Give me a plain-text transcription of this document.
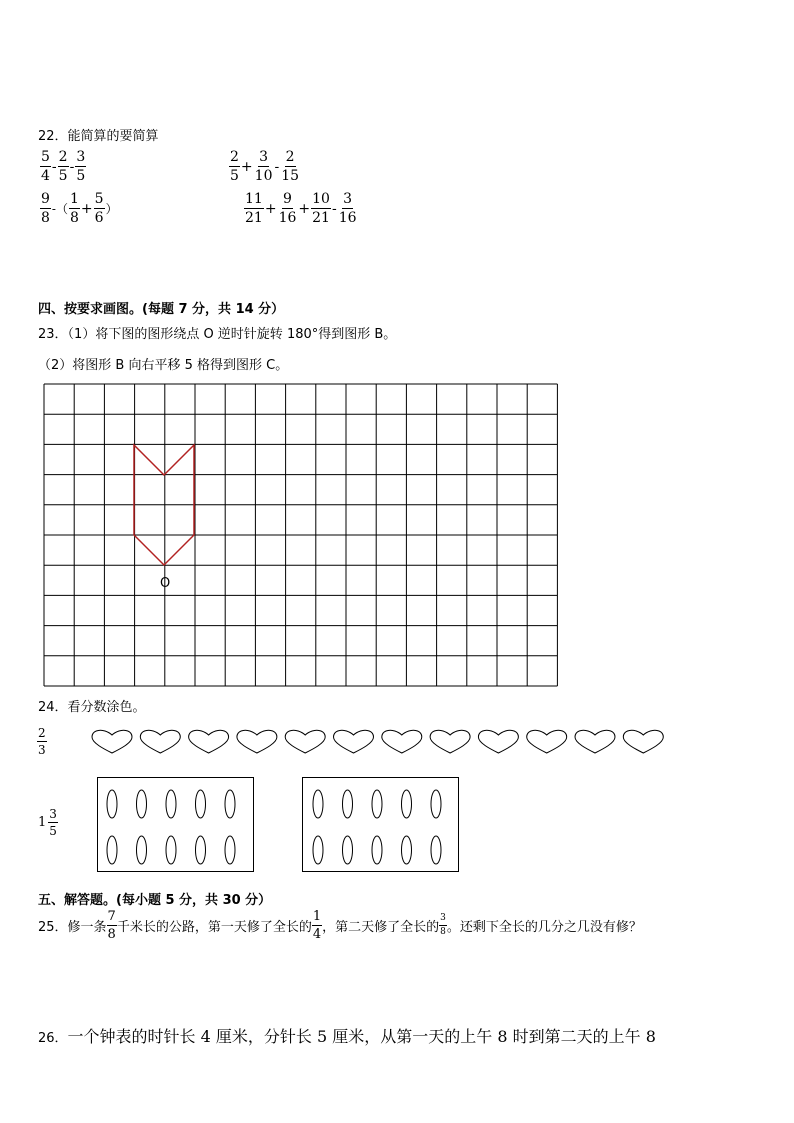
22．能简算的要简算
$\frac{5}{4} - \frac{2}{5} - \frac{3}{5}$	$\frac{2}{5} + \frac{3}{10} - \frac{2}{15}$
$\frac{9}{8}$ -（ $\frac{1}{8} + \frac{5}{6}$ ）	$\frac{11}{21} + \frac{9}{16} + \frac{10}{21} - \frac{3}{16}$
四、按要求画图。(每题 7 分，共 14 分）
23．（1）将下图的图形绕点 O 逆时针旋转 180°得到图形 B。
（2）将图形 B 向右平移 5 格得到图形 C。
O
24．看分数涂色。
$\frac{2}{3}$
$1 \frac{3}{5}$
五、解答题。(每小题 5 分，共 30 分）
25．修一条 $\frac{7}{8}$ 千米长的公路，第一天修了全长的 $\frac{1}{4}$ ，第二天修了全长的 $\frac{3}{8}$ 。还剩下全长的几分之几没有修？
26． 一个钟表的时针长 4 厘米，分针长 5 厘米，从第一天的上午 8 时到第二天的上午 8
